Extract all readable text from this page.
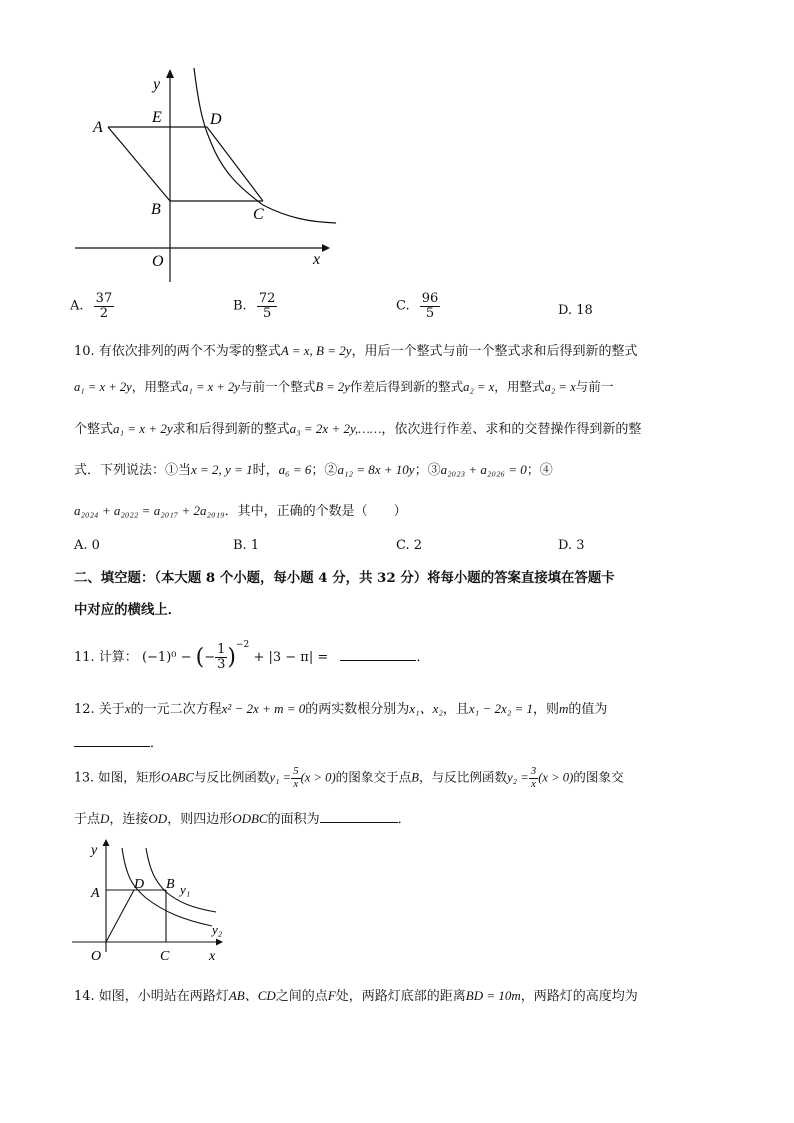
y
x
O
A
E	D
B	C
A. $\frac{37}{2}$	B. $\frac{72}{5}$	C. $\frac{96}{5}$	D. 18
10. 有依次排列的两个不为零的整式A = x, B = 2y，用后一个整式与前一个整式求和后得到新的整式
a₁ = x + 2y，用整式a₁ = x + 2y与前一个整式B = 2y作差后得到新的整式a₂ = x，用整式a₂ = x与前一
个整式a₁ = x + 2y求和后得到新的整式a₃ = 2x + 2y,……，依次进行作差、求和的交替操作得到新的整
式．下列说法：①当x = 2, y = 1时，a₆ = 6；②a₁₂ = 8x + 10y；③a₂₀₂₃ + a₂₀₂₆ = 0；④
a₂₀₂₄ + a₂₀₂₂ = a₂₀₁₇ + 2a₂₀₁₉．其中，正确的个数是（　　）
A. 0	B. 1	C. 2	D. 3
二、填空题：（本大题 8 个小题，每小题 4 分，共 32 分）将每小题的答案直接填在答题卡
中对应的横线上．
11. 计算： (−1)⁰ − (− $\frac{1}{3} )^{-2} + |3 - \pi|$ =	．
12. 关于x的一元二次方程x² − 2x + m = 0的两实数根分别为x₁、x₂，且x₁ − 2x₂ = 1，则m的值为
．
13. 如图，矩形OABC与反比例函数$y_1 = \frac{5}{x} (x > 0)$的图象交于点B，与反比例函数$y_2 = \frac{3}{x} (x > 0)$的图象交
于点D，连接OD，则四边形ODBC的面积为	．
y
x
O
A
D B
C
y₁
y₂
14. 如图，小明站在两路灯AB、CD之间的点F处，两路灯底部的距离BD = 10m，两路灯的高度均为
